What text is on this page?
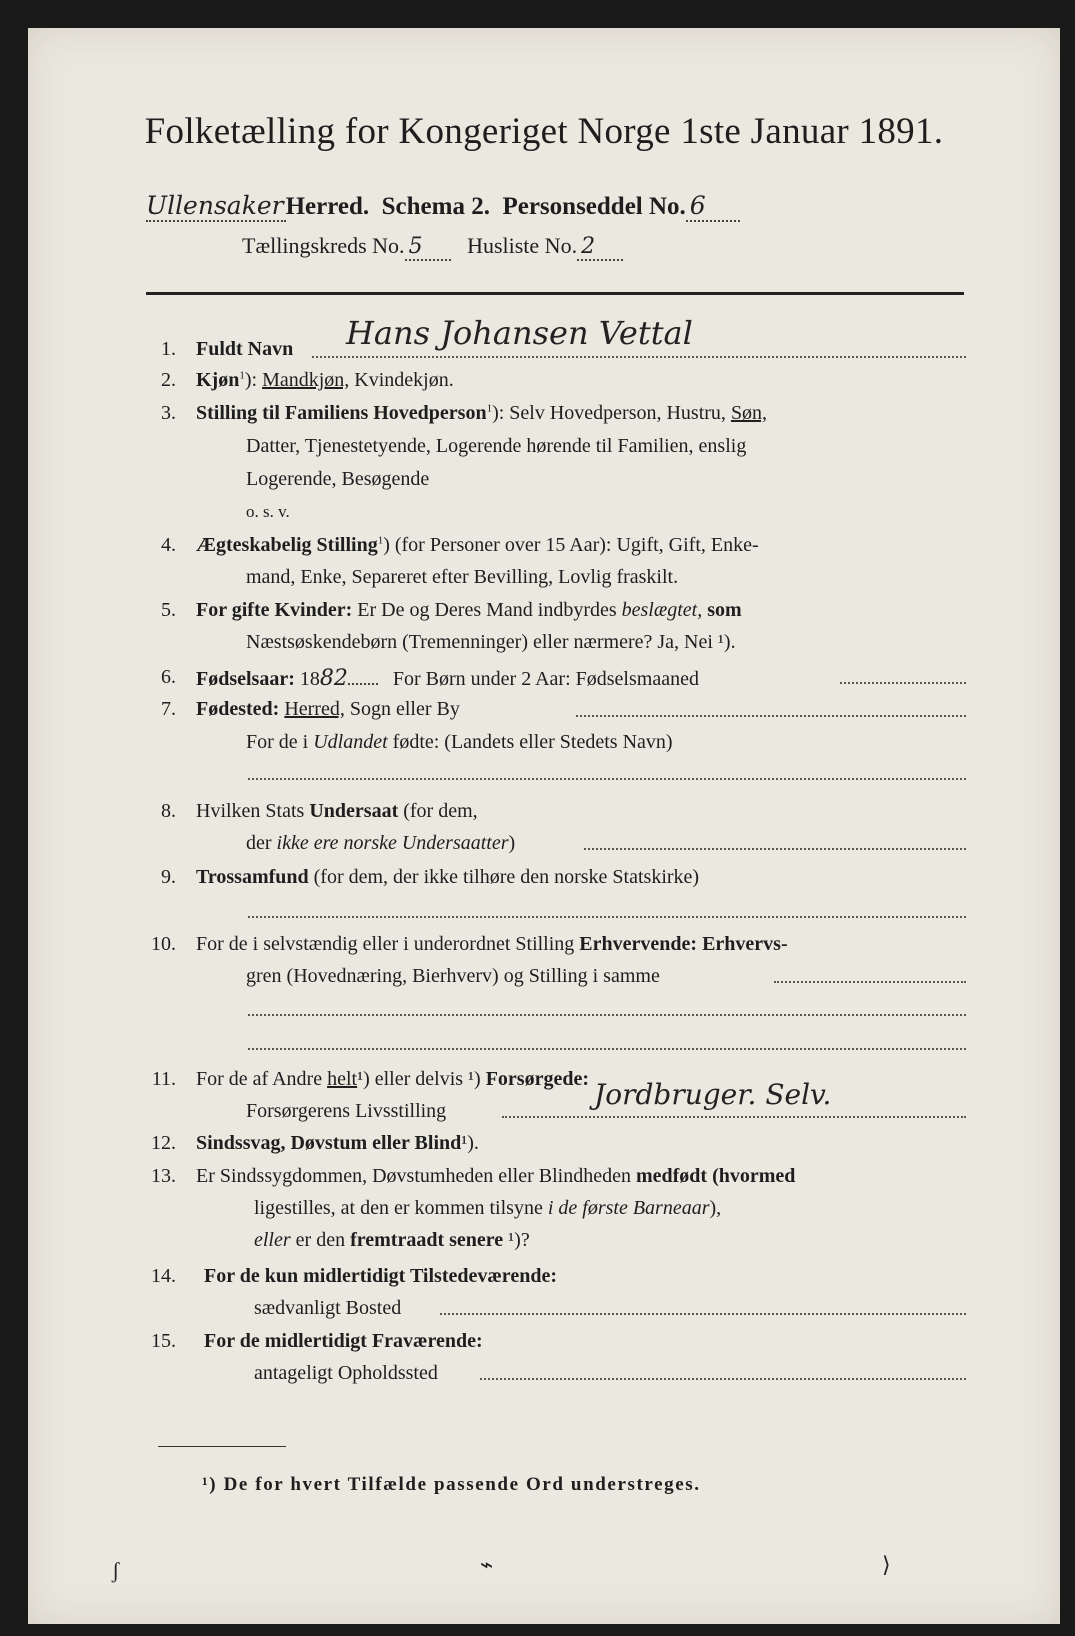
Folketælling for Kongeriget Norge 1ste Januar 1891.
UllensakerHerred. Schema 2. Personseddel No. 6
Tællingskreds No. 5 Husliste No. 2
1. Fuldt Navn Hans Johansen Vettal
2. Kjøn$^1$): Mandkjøn, Kvindekjøn.
3. Stilling til Familiens Hovedperson$^1$): Selv Hovedperson, Hustru, Søn,
Datter, Tjenestetyende, Logerende hørende til Familien, enslig
Logerende, Besøgende
o. s. v.
4. Ægteskabelig Stilling$^1$) (for Personer over 15 Aar): Ugift, Gift, Enke-
mand, Enke, Separeret efter Bevilling, Lovlig fraskilt.
5. For gifte Kvinder: Er De og Deres Mand indbyrdes beslægtet, som
Næstsøskendebørn (Tremenninger) eller nærmere? Ja, Nei ¹).
6. Fødselsaar: 1882 For Børn under 2 Aar: Fødselsmaaned
7. Fødested: Herred, Sogn eller By
For de i Udlandet fødte: (Landets eller Stedets Navn)
8. Hvilken Stats Undersaat (for dem,
der ikke ere norske Undersaatter)
9. Trossamfund (for dem, der ikke tilhøre den norske Statskirke)
10. For de i selvstændig eller i underordnet Stilling Erhvervende: Erhvervs-
gren (Hovednæring, Bierhverv) og Stilling i samme
11. For de af Andre helt¹) eller delvis ¹) Forsørgede:
Forsørgerens Livsstilling	Jordbruger. Selv.
12. Sindssvag, Døvstum eller Blind¹).
13. Er Sindssygdommen, Døvstumheden eller Blindheden medfødt (hvormed
ligestilles, at den er kommen tilsyne i de første Barneaar),
eller er den fremtraadt senere ¹)?
14. For de kun midlertidigt Tilstedeværende:
sædvanligt Bosted
15. For de midlertidigt Fraværende:
antageligt Opholdssted
¹) De for hvert Tilfælde passende Ord understreges.
ʃ	⌁	⟩
